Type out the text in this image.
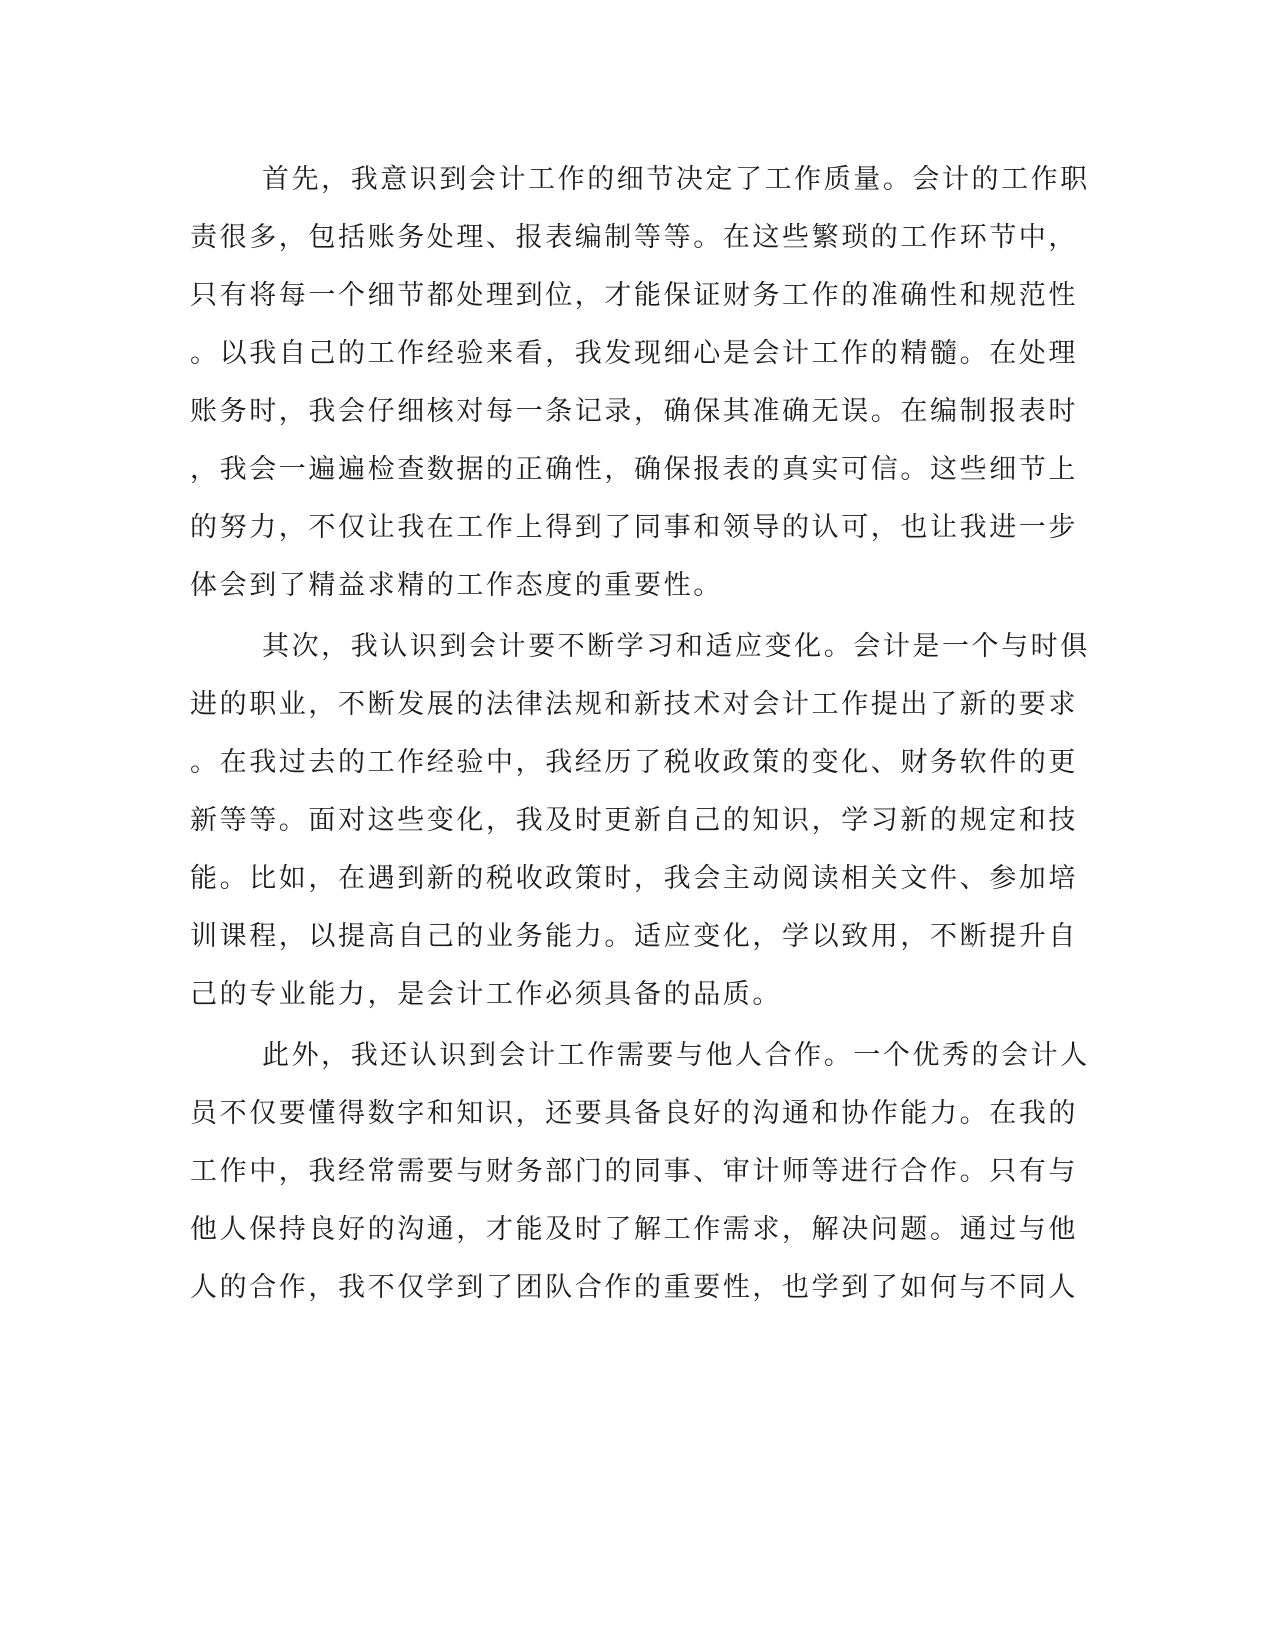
首先，我意识到会计工作的细节决定了工作质量。会计的工作职
责很多，包括账务处理、报表编制等等。在这些繁琐的工作环节中，
只有将每一个细节都处理到位，才能保证财务工作的准确性和规范性
。以我自己的工作经验来看，我发现细心是会计工作的精髓。在处理
账务时，我会仔细核对每一条记录，确保其准确无误。在编制报表时
，我会一遍遍检查数据的正确性，确保报表的真实可信。这些细节上
的努力，不仅让我在工作上得到了同事和领导的认可，也让我进一步
体会到了精益求精的工作态度的重要性。
其次，我认识到会计要不断学习和适应变化。会计是一个与时俱
进的职业，不断发展的法律法规和新技术对会计工作提出了新的要求
。在我过去的工作经验中，我经历了税收政策的变化、财务软件的更
新等等。面对这些变化，我及时更新自己的知识，学习新的规定和技
能。比如，在遇到新的税收政策时，我会主动阅读相关文件、参加培
训课程，以提高自己的业务能力。适应变化，学以致用，不断提升自
己的专业能力，是会计工作必须具备的品质。
此外，我还认识到会计工作需要与他人合作。一个优秀的会计人
员不仅要懂得数字和知识，还要具备良好的沟通和协作能力。在我的
工作中，我经常需要与财务部门的同事、审计师等进行合作。只有与
他人保持良好的沟通，才能及时了解工作需求，解决问题。通过与他
人的合作，我不仅学到了团队合作的重要性，也学到了如何与不同人
